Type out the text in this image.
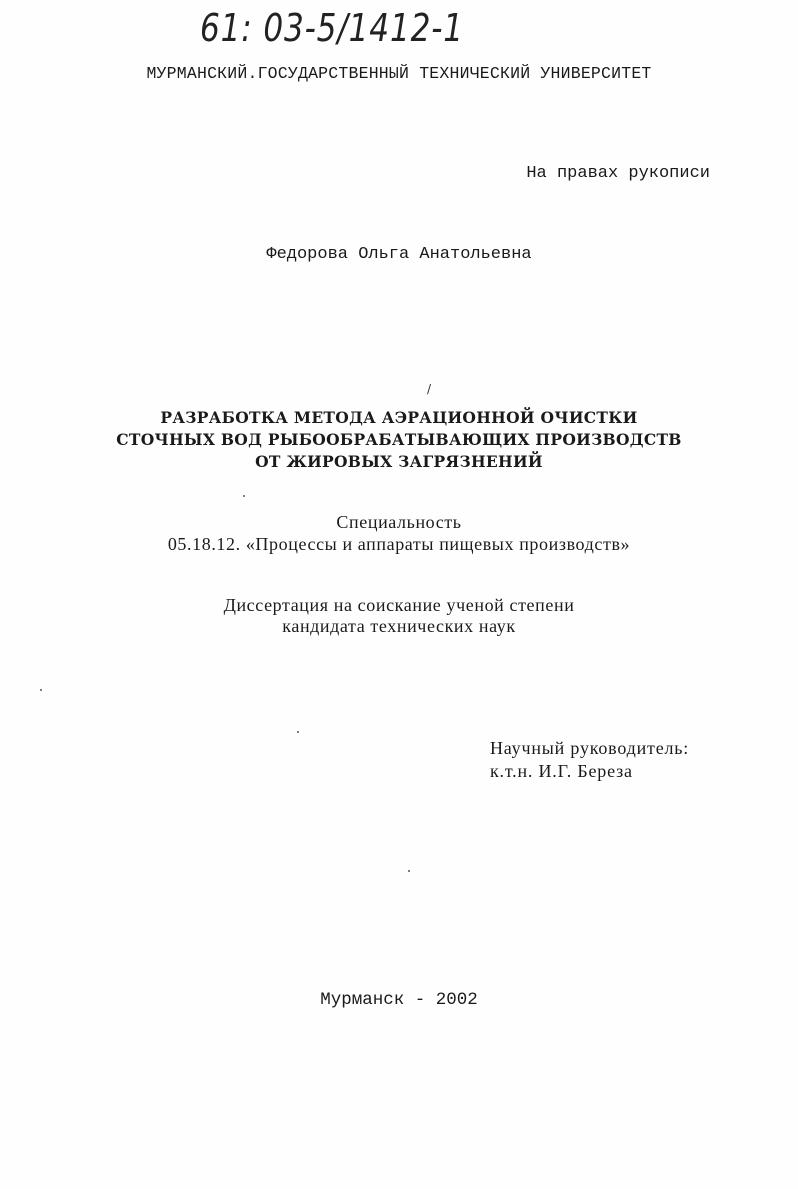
61: 03-5/1412-1
МУРМАНСКИЙ.ГОСУДАРСТВЕННЫЙ ТЕХНИЧЕСКИЙ УНИВЕРСИТЕТ
На правах рукописи
Федорова Ольга Анатольевна
/
РАЗРАБОТКА МЕТОДА АЭРАЦИОННОЙ ОЧИСТКИ
СТОЧНЫХ ВОД РЫБООБРАБАТЫВАЮЩИХ ПРОИЗВОДСТВ
ОТ ЖИРОВЫХ ЗАГРЯЗНЕНИЙ
Специальность
05.18.12. «Процессы и аппараты пищевых производств»
Диссертация на соискание ученой степени
кандидата технических наук
Научный руководитель:
к.т.н. И.Г. Береза
Мурманск - 2002
